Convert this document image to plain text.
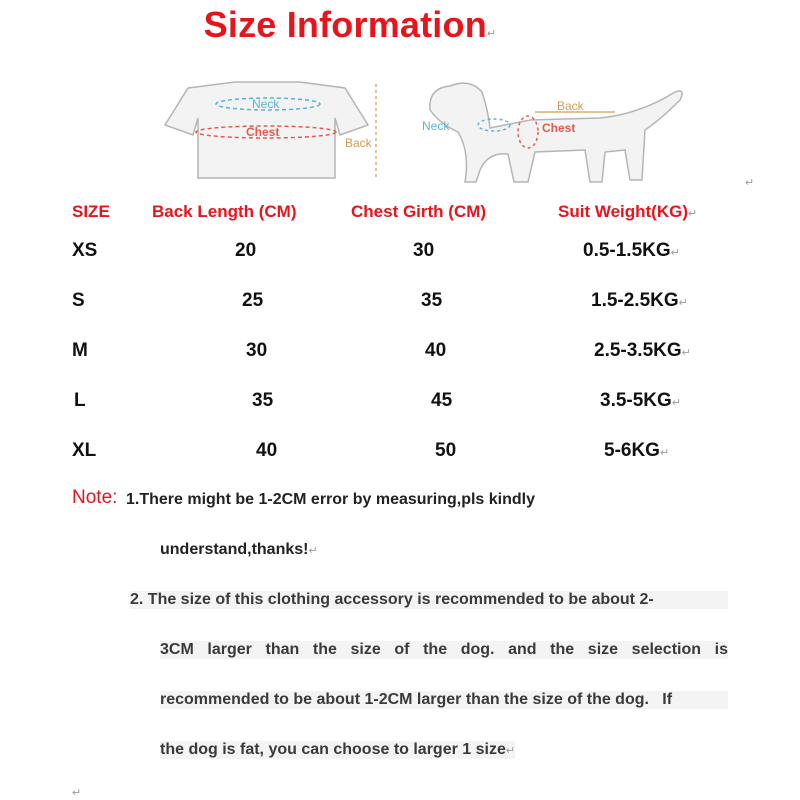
Size Information↵
Neck
Chest
Back
Back
Neck	Chest
↵
SIZE Back Length (CM)	Chest Girth (CM)	Suit Weight(KG)↵
XS	20	30	0.5-1.5KG↵
S	25	35	1.5-2.5KG↵
M	30	40	2.5-3.5KG↵
L	35	45	3.5-5KG↵
XL	40	50	5-6KG↵
Note: 1.There might be 1-2CM error by measuring,pls kindly
understand,thanks!↵
2. The size of this clothing accessory is recommended to be about 2-
3CM larger than the size of the dog. and the size selection is
recommended to be about 1-2CM larger than the size of the dog.   If
the dog is fat, you can choose to larger 1 size↵
↵
